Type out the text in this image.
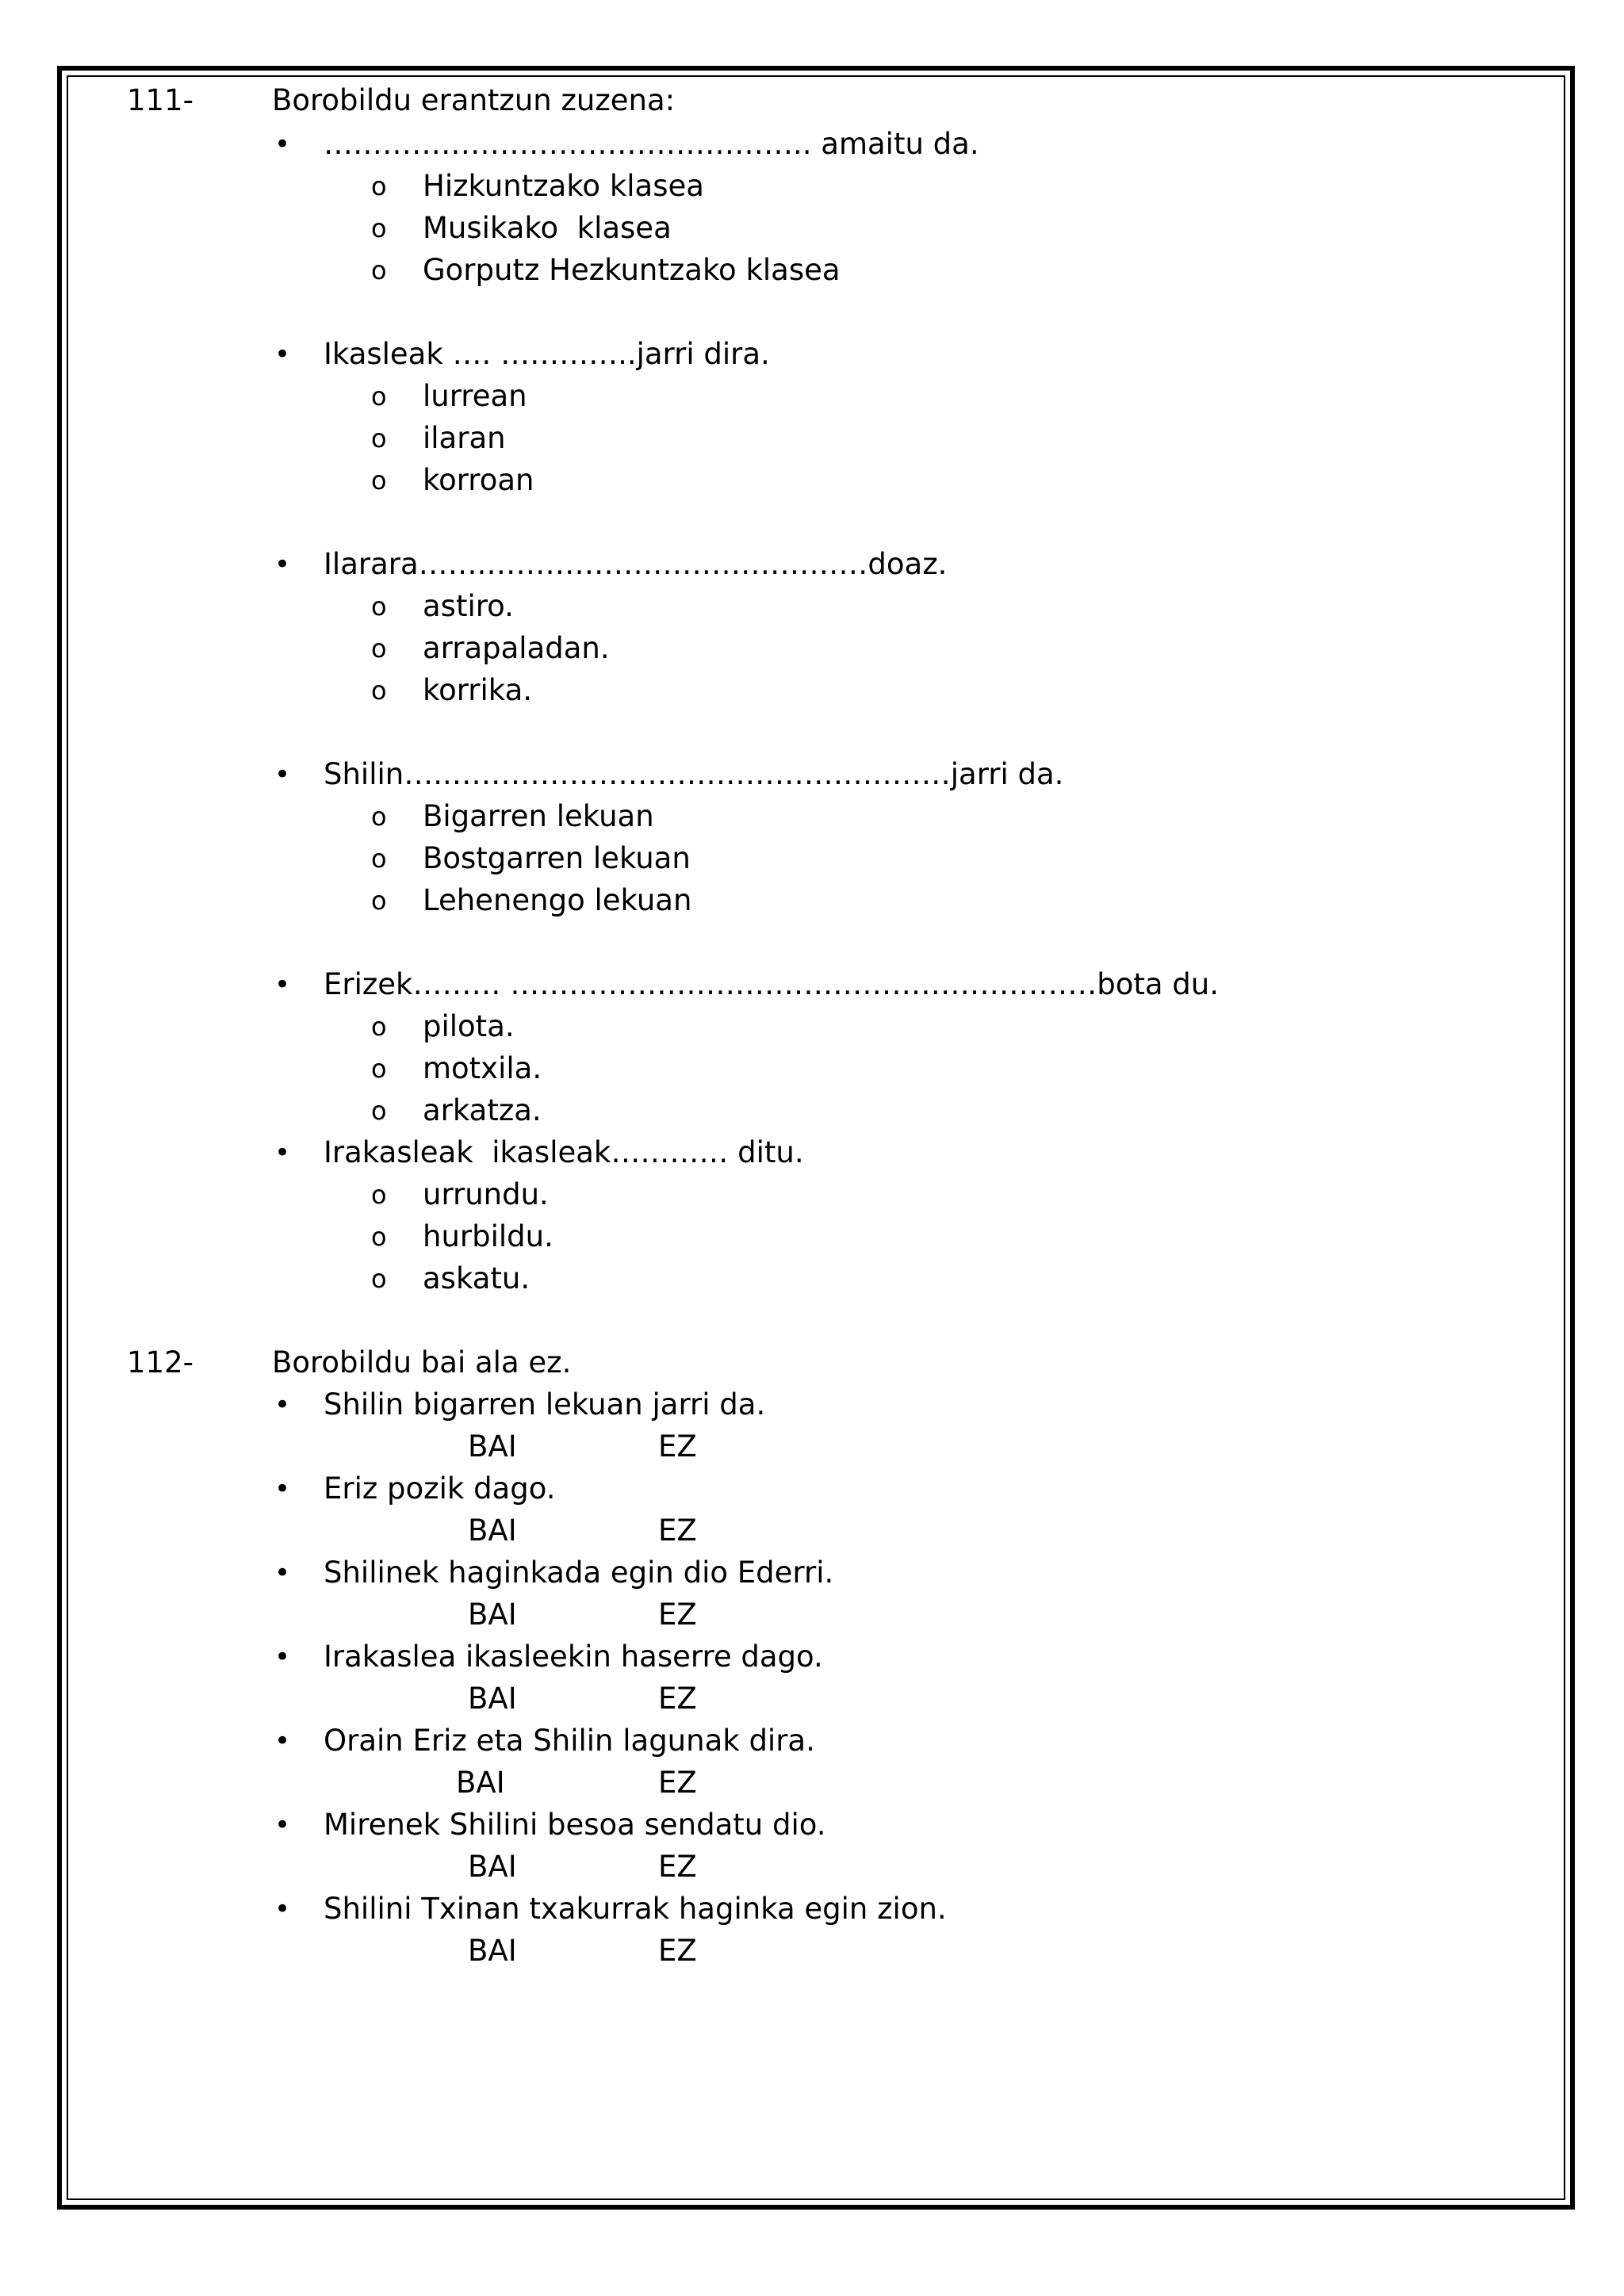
111-	Borobildu erantzun zuzena:
• ………………………………………….. amaitu da.
o Hizkuntzako klasea
o Musikako  klasea
o Gorputz Hezkuntzako klasea
• Ikasleak …. …………..jarri dira.
o lurrean
o ilaran
o korroan
• Ilarara…….…………………………………doaz.
o astiro.
o arrapaladan.
o korrika.
• Shilin…..……………………………………………jarri da.
o Bigarren lekuan
o Bostgarren lekuan
o Lehenengo lekuan
• Erizek……… ……………………………………………………bota du.
o pilota.
o motxila.
o arkatza.
• Irakasleak  ikasleak………… ditu.
o urrundu.
o hurbildu.
o askatu.
112-	Borobildu bai ala ez.
• Shilin bigarren lekuan jarri da.
BAI	EZ
• Eriz pozik dago.
BAI	EZ
• Shilinek haginkada egin dio Ederri.
BAI	EZ
• Irakaslea ikasleekin haserre dago.
BAI	EZ
• Orain Eriz eta Shilin lagunak dira.
BAI	EZ
• Mirenek Shilini besoa sendatu dio.
BAI	EZ
• Shilini Txinan txakurrak haginka egin zion.
BAI	EZ
